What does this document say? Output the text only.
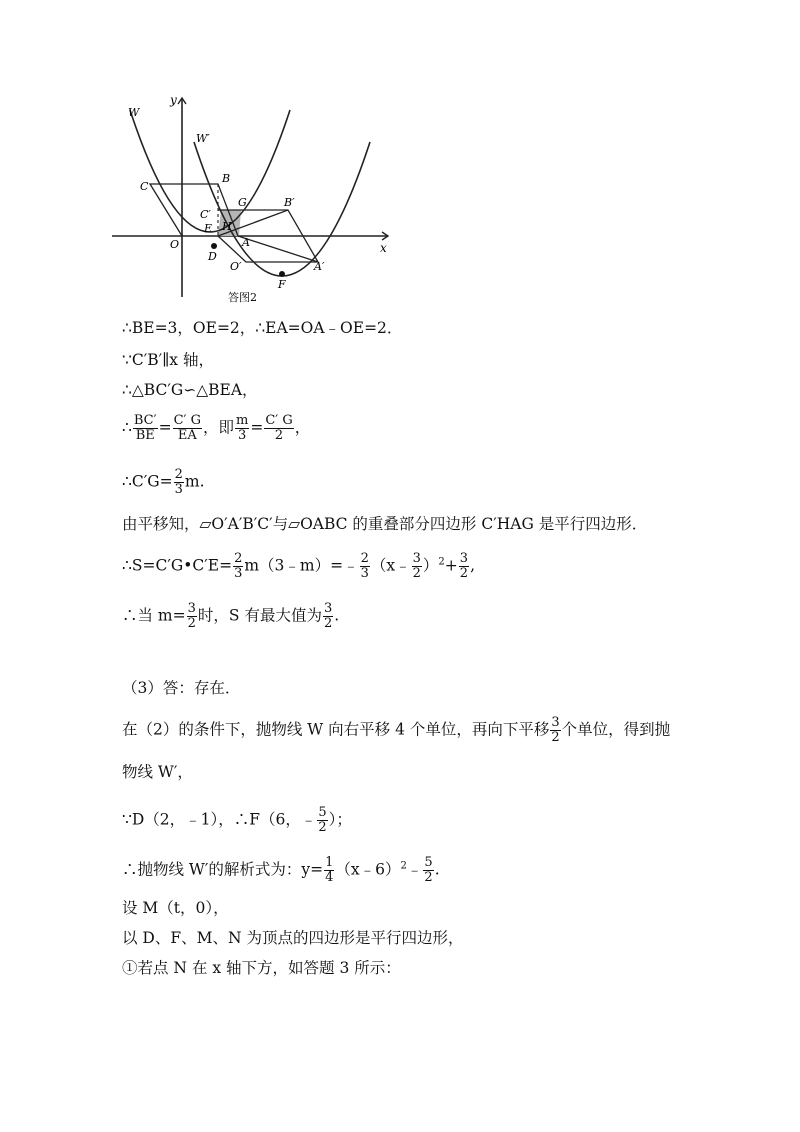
W
W′
y
x
O
C
B
G	B′
C′
E H
A
A′
D
O′
F
答图2
∴BE=3，OE=2，∴EA=OA﹣OE=2．
∵C′B′∥x 轴，
∴△BC′G∽△BEA，
∴ $\frac{BC'}{BE} = \frac{C' G}{EA}$ ，即 $\frac{m}{3} = \frac{C' G}{2}$ ，
∴C′G= $\frac{2}{3} m$.
由平移知，▱O′A′B′C′与▱OABC 的重叠部分四边形 C′HAG 是平行四边形．
∴S=C′G•C′E= $\frac{2}{3}$ m（3﹣m）=﹣ $\frac{2}{3}$ （x﹣ $\frac{3}{2} )^2+ \frac{3}{2}$ ,
∴当 $m= \frac{3}{2}$ 时，S 有最大值为 $\frac{3}{2}$ .
（3）答：存在．
在（2）的条件下，抛物线 W 向右平移 4 个单位，再向下平移 $\frac{3}{2}$ 个单位，得到抛
物线 W′，
∵D（2，﹣1），∴F（6，﹣ $\frac{5}{2}$ ）；
∴抛物线 W′的解析式为：$y= \frac{1}{4}$ （x﹣6）$^2$﹣ $\frac{5}{2}$ .
设 M（t，0），
以 D、F、M、N 为顶点的四边形是平行四边形，
①若点 N 在 x 轴下方，如答题 3 所示：
